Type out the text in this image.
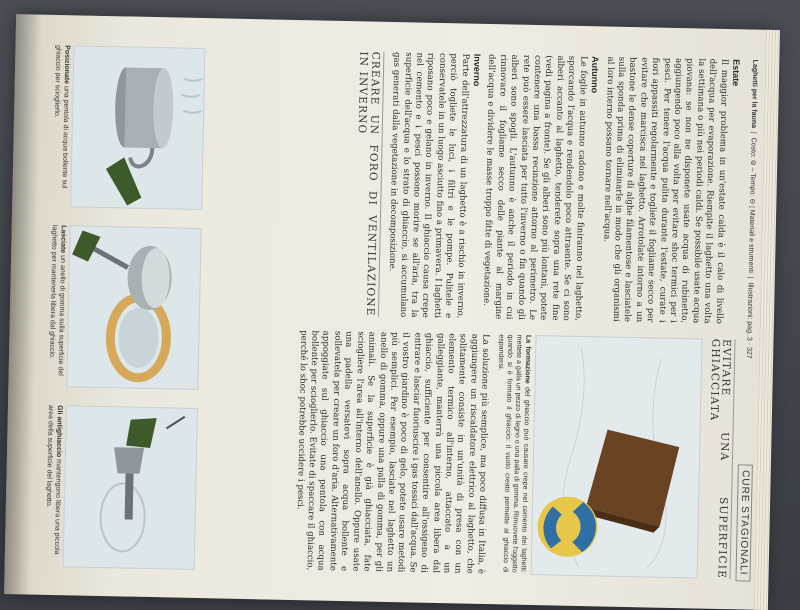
Laghetti per la fauna  |  Costo: ⊜ – Tempo: ⊝ | Materiali e strumenti  |  Illustrazioni: pag. 3 · 327
CURE STAGIONALI
EVITARE UNA SUPERFICIE GHIACCIATA
La formazione del ghiaccio può causare crepe nel cemento dei laghetti: mettete a galla un pezzo di legno o una palla di gomma. Rimuovete l'oggetto quando si è formato il ghiaccio: il vuoto creato permette al ghiaccio di espandersi.

La soluzione più semplice, ma poco diffusa in Italia, è aggiungere un riscaldatore elettrico al laghetto, che solitamente consiste in un'unità di presa con un elemento termico all'interno, attaccato a un galleggiante, manterrà una piccola area libera dal ghiaccio, sufficiente per consentire all'ossigeno di entrare e lasciar fuoriuscire i gas tossici dall'acqua. Se il vostro giardino è poco di gelo, potete usare metodi più semplici. Per esempio, lasciate nel laghetto un anello di gomma, oppure una palla di gomma, per gli animali. Se la superficie è già ghiacciata, fate sciogliere l'area all'interno dell'anello. Oppure usate una padella versatevi sopra acqua bollente e sollevatela per creare un foro d'aria. Alternativamente appoggiate sul ghiaccio una pentola con acqua bollente per scioglierlo. Evitate di spaccare il ghiaccio, perché lo shoc potrebbe uccidere i pesci.

Estate

Il maggior problema in un'estate calda è il calo di livello dell'acqua per evaporazione. Riempite il laghetto una volta la settimana o più nei periodi caldi. Se possibile usate acqua piovana: se non ne disponete usate acqua di rubinetto, aggiungendo poco alla volta per evitare shoc termici per i pesci. Per tenere l'acqua pulita durante l'estate, curate i fiori appassiti regolarmente e togliete il fogliame secco per evitare che marcisca nel laghetto. Arrotolate intorno a un bastone le dense coperture di alghe filamentose e lasciatele sulla sponda prima di eliminarle in modo che gli organismi al loro interno possano tornare nell'acqua.

Autunno

Le foglie in autunno cadono e molte finiranno nel laghetto, sporcando l'acqua e rendendolo poco attraente. Se ci sono alberi accanto al laghetto, tenderete sopra una rete fine (vedi pagina a fronte). Se gli alberi sono più lontani, potete contenere una bassa recinzione attorno al perimetro. Le rete può essere lasciata per tutto l'inverno o fin quando gli alberi sono spogli. L'autunno è anche il periodo in cui rinnovare il fogliame secco delle piante al margine dell'acqua e dividere le masse troppo fitte di vegetazione.

Inverno

Parte dell'attrezzatura di un laghetto è a rischio in inverno, perciò togliete le luci, i filtri e le pompe. Pulitele e conservatele in un luogo asciutto fino a primavera. I laghetti riposano poco e gelano in inverno. Il ghiaccio causa crepe nel cemento e i pesci possono morire se all'aria, tra la superficie dell'acqua e lo strato di ghiaccio, si accumulano gas generati dalla vegetazione in decomposizione.

CREARE UN FORO DI VENTILAZIONE IN INVERNO
Posizionate una pentola di acqua bollente sul ghiaccio per scioglierlo.
Lasciate un anello di gomma sulla superficie del laghetto per mantenerla libera dal ghiaccio.
Gli antighiaccio mantengono libera una piccola area della superficie del laghetto.
